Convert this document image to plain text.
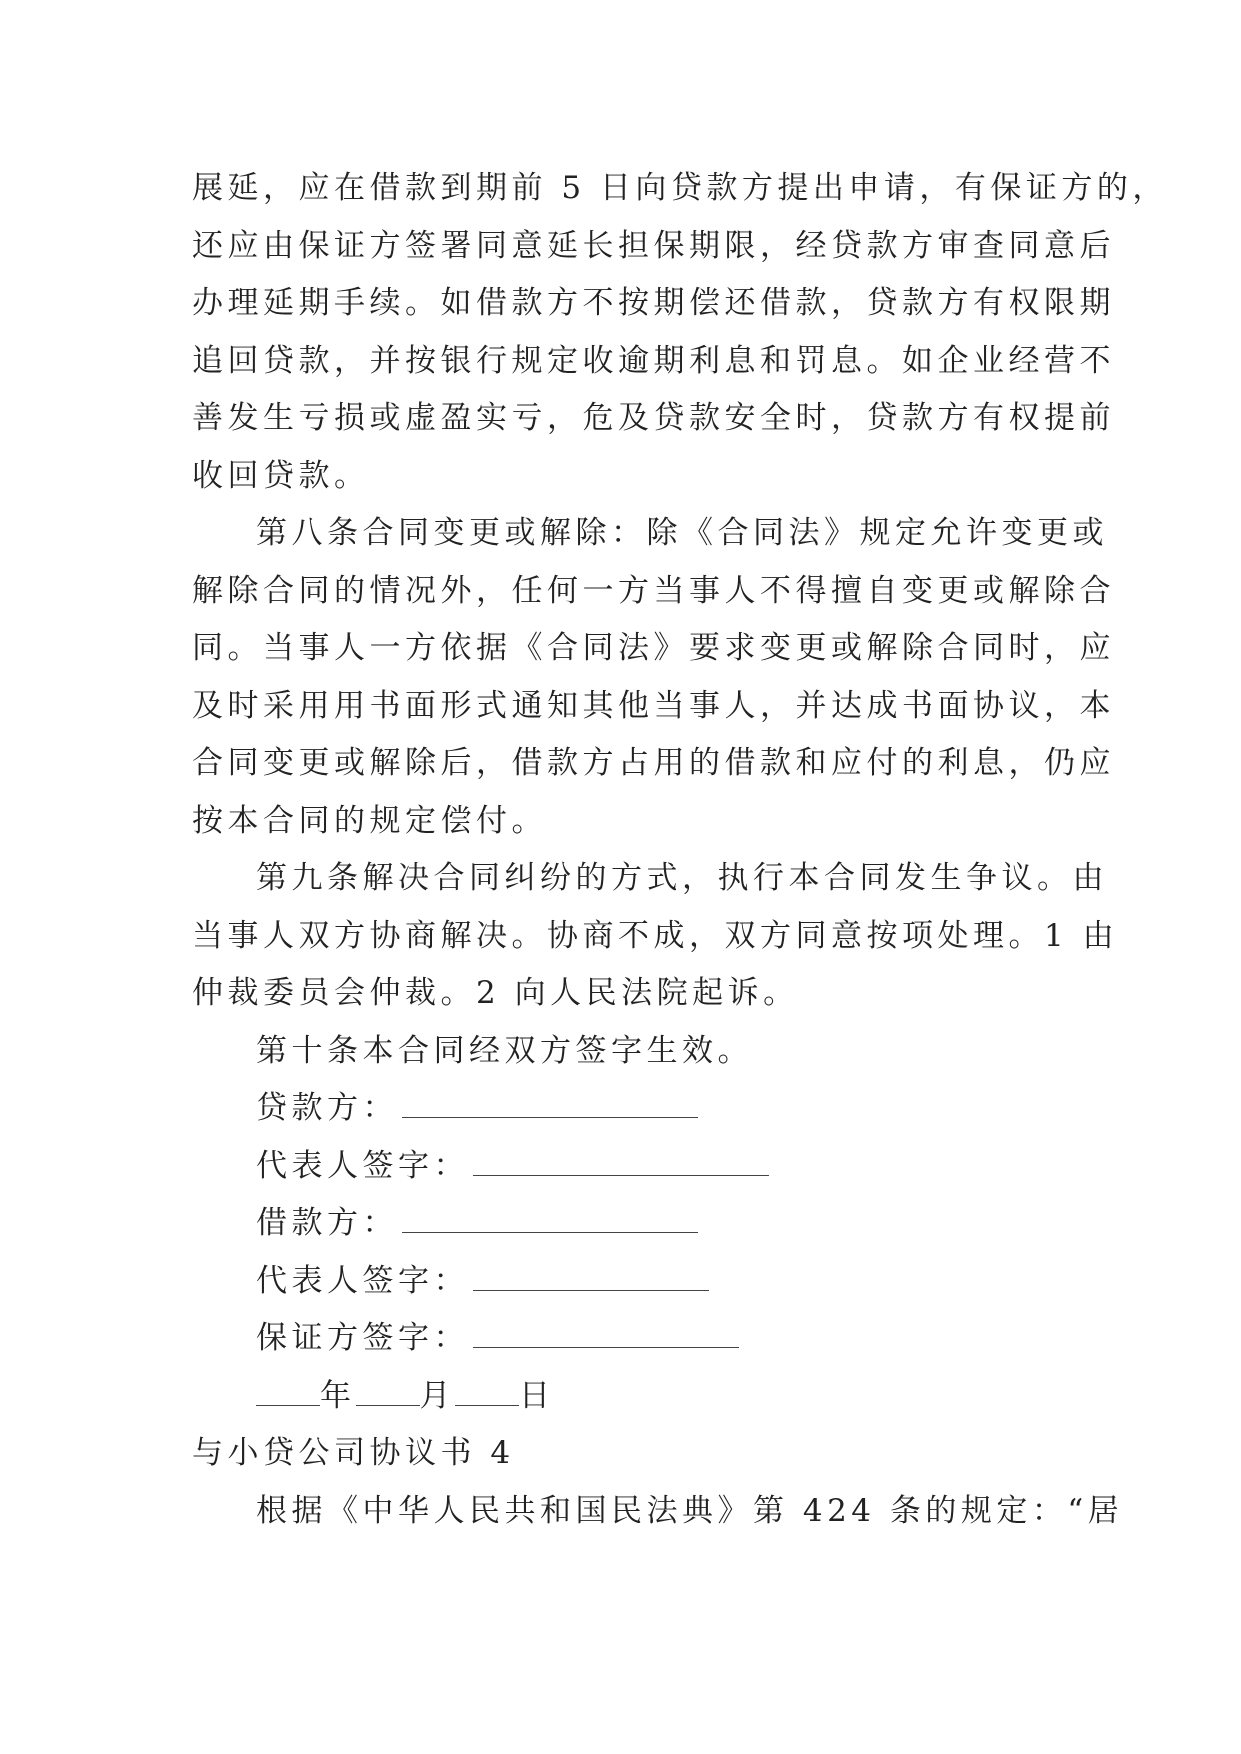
展延，应在借款到期前 5 日向贷款方提出申请，有保证方的，
还应由保证方签署同意延长担保期限，经贷款方审查同意后
办理延期手续。如借款方不按期偿还借款，贷款方有权限期
追回贷款，并按银行规定收逾期利息和罚息。如企业经营不
善发生亏损或虚盈实亏，危及贷款安全时，贷款方有权提前
收回贷款。
第八条合同变更或解除：除《合同法》规定允许变更或
解除合同的情况外，任何一方当事人不得擅自变更或解除合
同。当事人一方依据《合同法》要求变更或解除合同时，应
及时采用用书面形式通知其他当事人，并达成书面协议，本
合同变更或解除后，借款方占用的借款和应付的利息，仍应
按本合同的规定偿付。
第九条解决合同纠纷的方式，执行本合同发生争议。由
当事人双方协商解决。协商不成，双方同意按项处理。1 由
仲裁委员会仲裁。2 向人民法院起诉。
第十条本合同经双方签字生效。
贷款方：
代表人签字：
借款方：
代表人签字：
保证方签字：
年 月 日
与小贷公司协议书 4
根据《中华人民共和国民法典》第 424 条的规定：“居
